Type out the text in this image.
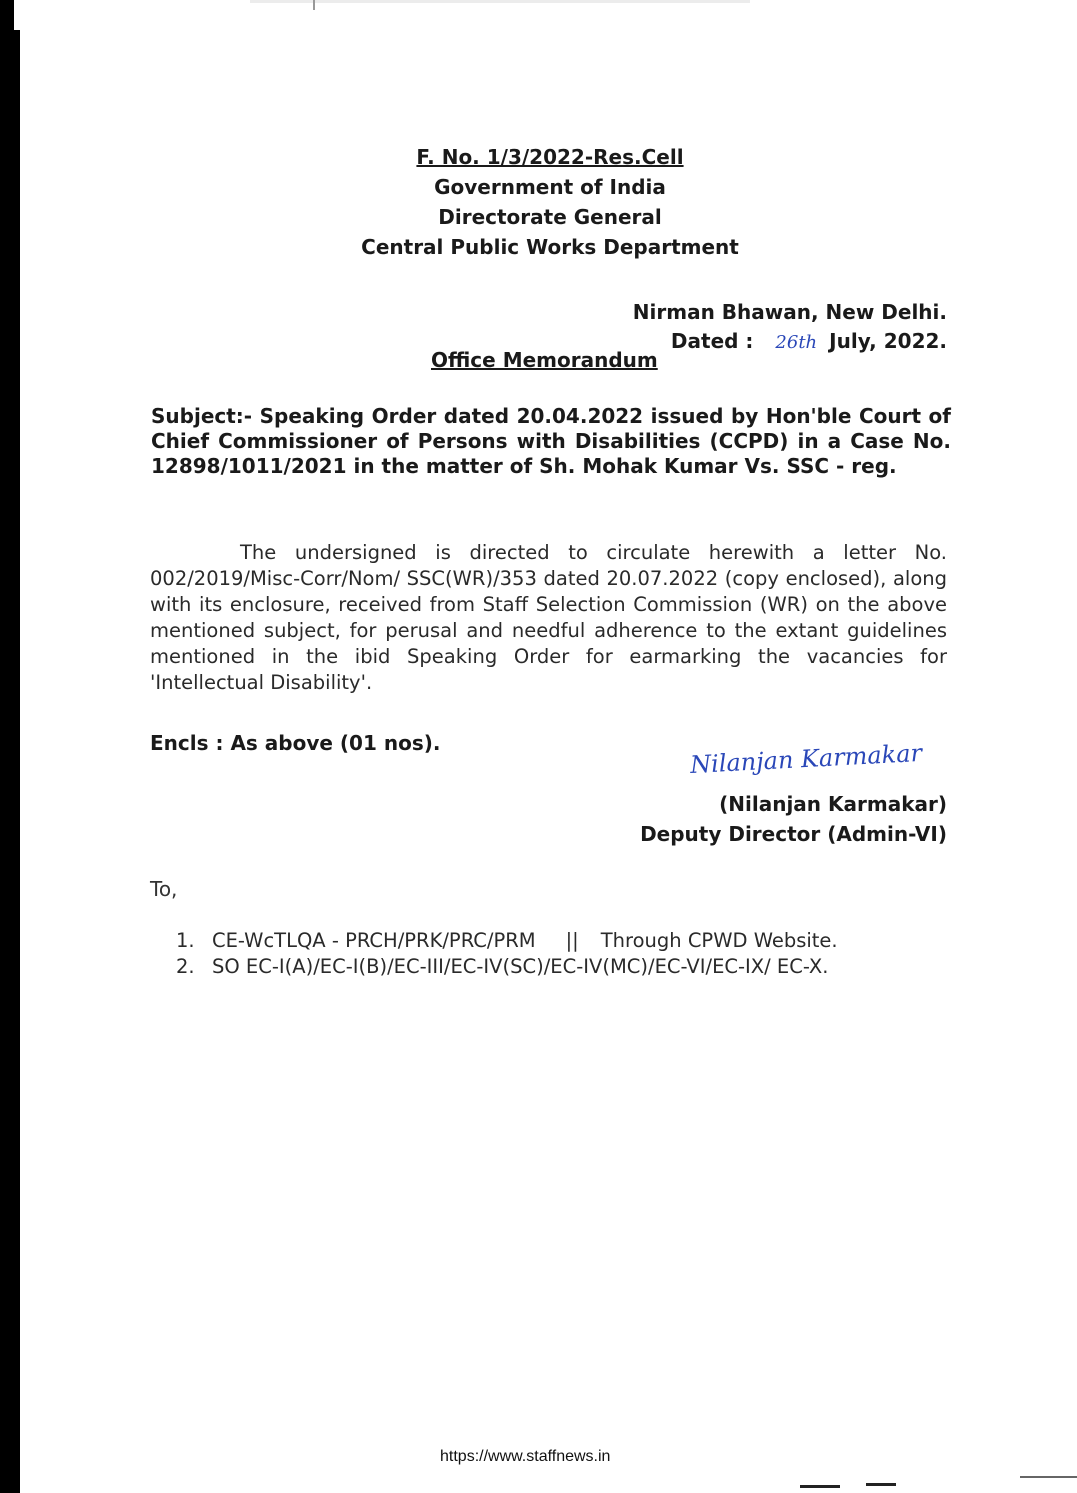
F. No. 1/3/2022-Res.Cell
Government of India
Directorate General
Central Public Works Department
Nirman Bhawan, New Delhi.
Dated : 26th July, 2022.
Office Memorandum
Subject:- Speaking Order dated 20.04.2022 issued by Hon'ble Court of Chief Commissioner of Persons with Disabilities (CCPD) in a Case No. 12898/1011/2021 in the matter of Sh. Mohak Kumar Vs. SSC - reg.
The undersigned is directed to circulate herewith a letter No. 002/2019/Misc-Corr/Nom/ SSC(WR)/353 dated 20.07.2022 (copy enclosed), along with its enclosure, received from Staff Selection Commission (WR) on the above mentioned subject, for perusal and needful adherence to the extant guidelines mentioned in the ibid Speaking Order for earmarking the vacancies for 'Intellectual Disability'.
Encls : As above (01 nos).	Nilanjan Karmakar
(Nilanjan Karmakar)
Deputy Director (Admin-VI)
To,
1. CE-WcTLQA - PRCH/PRK/PRC/PRM || Through CPWD Website.
2. SO EC-I(A)/EC-I(B)/EC-III/EC-IV(SC)/EC-IV(MC)/EC-VI/EC-IX/ EC-X.
https://www.staffnews.in
